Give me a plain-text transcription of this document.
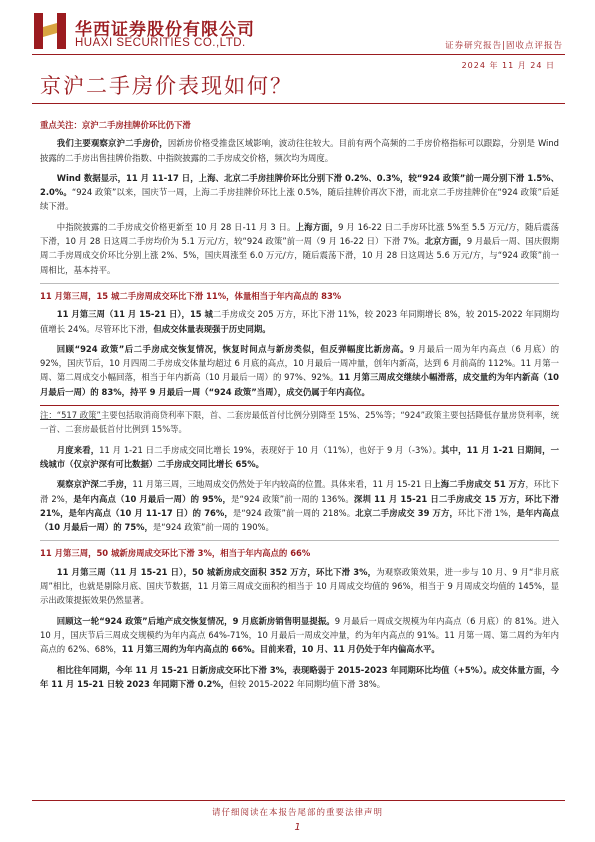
华西证券股份有限公司
HUAXI SECURITIES CO.,LTD.	证券研究报告|固收点评报告
2024 年 11 月 24 日
京沪二手房价表现如何？

重点关注：京沪二手房挂牌价环比仍下滑

我们主要观察京沪二手房价，因新房价格受推盘区域影响，波动往往较大。目前有两个高频的二手房价格指标可以跟踪，分别是 Wind 披露的二手房出售挂牌价指数、中指院披露的二手房成交价格，频次均为周度。

Wind 数据显示，11 月 11-17 日，上海、北京二手房挂牌价环比分别下滑 0.2%、0.3%，较“924 政策”前一周分别下滑 1.5%、2.0%。“924 政策”以来，国庆节一周，上海二手房挂牌价环比上涨 0.5%，随后挂牌价再次下滑，而北京二手房挂牌价在“924 政策”后延续下滑。

中指院披露的二手房成交价格更新至 10 月 28 日-11 月 3 日。上海方面，9 月 16-22 日二手房环比涨 5%至 5.5 万元/方，随后震荡下滑，10 月 28 日这周二手房均价为 5.1 万元/方，较“924 政策”前一周（9 月 16-22 日）下滑 7%。北京方面，9 月最后一周、国庆假期周二手房周成交价环比分别上涨 2%、5%，国庆周涨至 6.0 万元/方，随后震荡下滑，10 月 28 日这周达 5.6 万元/方，与“924 政策”前一周相比，基本持平。

11 月第三周，15 城二手房周成交环比下滑 11%，体量相当于年内高点的 83%

11 月第三周（11 月 15-21 日），15 城二手房成交 205 万方，环比下滑 11%，较 2023 年同期增长 8%，较 2015-2022 年同期均值增长 24%。尽管环比下滑，但成交体量表现强于历史同期。

回顾“924 政策”后二手房成交恢复情况，恢复时间点与新房类似，但反弹幅度比新房高。9 月最后一周为年内高点（6 月底）的 92%，国庆节后，10 月四周二手房成交体量均超过 6 月底的高点，10 月最后一周冲量，创年内新高，达到 6 月前高的 112%。11 月第一周、第二周成交小幅回落，相当于年内新高（10 月最后一周）的 97%、92%。11 月第三周成交继续小幅滑落，成交量约为年内新高（10 月最后一周）的 83%，持平 9 月最后一周（“924 政策”当周），成交仍属于年内高位。

注：“517 政策”主要包括取消商贷利率下限，首、二套房最低首付比例分别降至 15%、25%等；“924”政策主要包括降低存量房贷利率，统一首、二套房最低首付比例到 15%等。

月度来看，11 月 1-21 日二手房成交同比增长 19%，表现好于 10 月（11%），也好于 9 月（-3%）。其中，11 月 1-21 日期间，一线城市（仅京沪深有可比数据）二手房成交同比增长 65%。

观察京沪深二手房，11 月第三周，三地周成交仍然处于年内较高的位置。具体来看，11 月 15-21 日上海二手房成交 51 万方，环比下滑 2%，是年内高点（10 月最后一周）的 95%，是“924 政策”前一周的 136%。深圳 11 月 15-21 日二手房成交 15 万方，环比下滑 21%，是年内高点（10 月 11-17 日）的 76%，是“924 政策”前一周的 218%。北京二手房成交 39 万方，环比下滑 1%，是年内高点（10 月最后一周）的 75%，是“924 政策”前一周的 190%。

11 月第三周，50 城新房周成交环比下滑 3%，相当于年内高点的 66%

11 月第三周（11 月 15-21 日），50 城新房成交面积 352 万方，环比下滑 3%，为观察政策效果，进一步与 10 月、9 月“非月底周”相比，也就是剔除月底、国庆节数据，11 月第三周成交面积约相当于 10 月周成交均值的 96%，相当于 9 月周成交均值的 145%，显示出政策提振效果仍然显著。

回顾这一轮“924 政策”后地产成交恢复情况，9 月底新房销售明显提振。9 月最后一周成交规模为年内高点（6 月底）的 81%。进入 10 月，国庆节后三周成交规模约为年内高点 64%-71%，10 月最后一周成交冲量，约为年内高点的 91%。11 月第一周、第二周约为年内高点的 62%、68%，11 月第三周约为年内高点的 66%。目前来看，10 月、11 月仍处于年内偏高水平。

相比往年同期，今年 11 月 15-21 日新房成交环比下滑 3%，表现略弱于 2015-2023 年同期环比均值（+5%）。成交体量方面，今年 11 月 15-21 日较 2023 年同期下滑 0.2%，但较 2015-2022 年同期均值下滑 38%。

请仔细阅读在本报告尾部的重要法律声明
1
